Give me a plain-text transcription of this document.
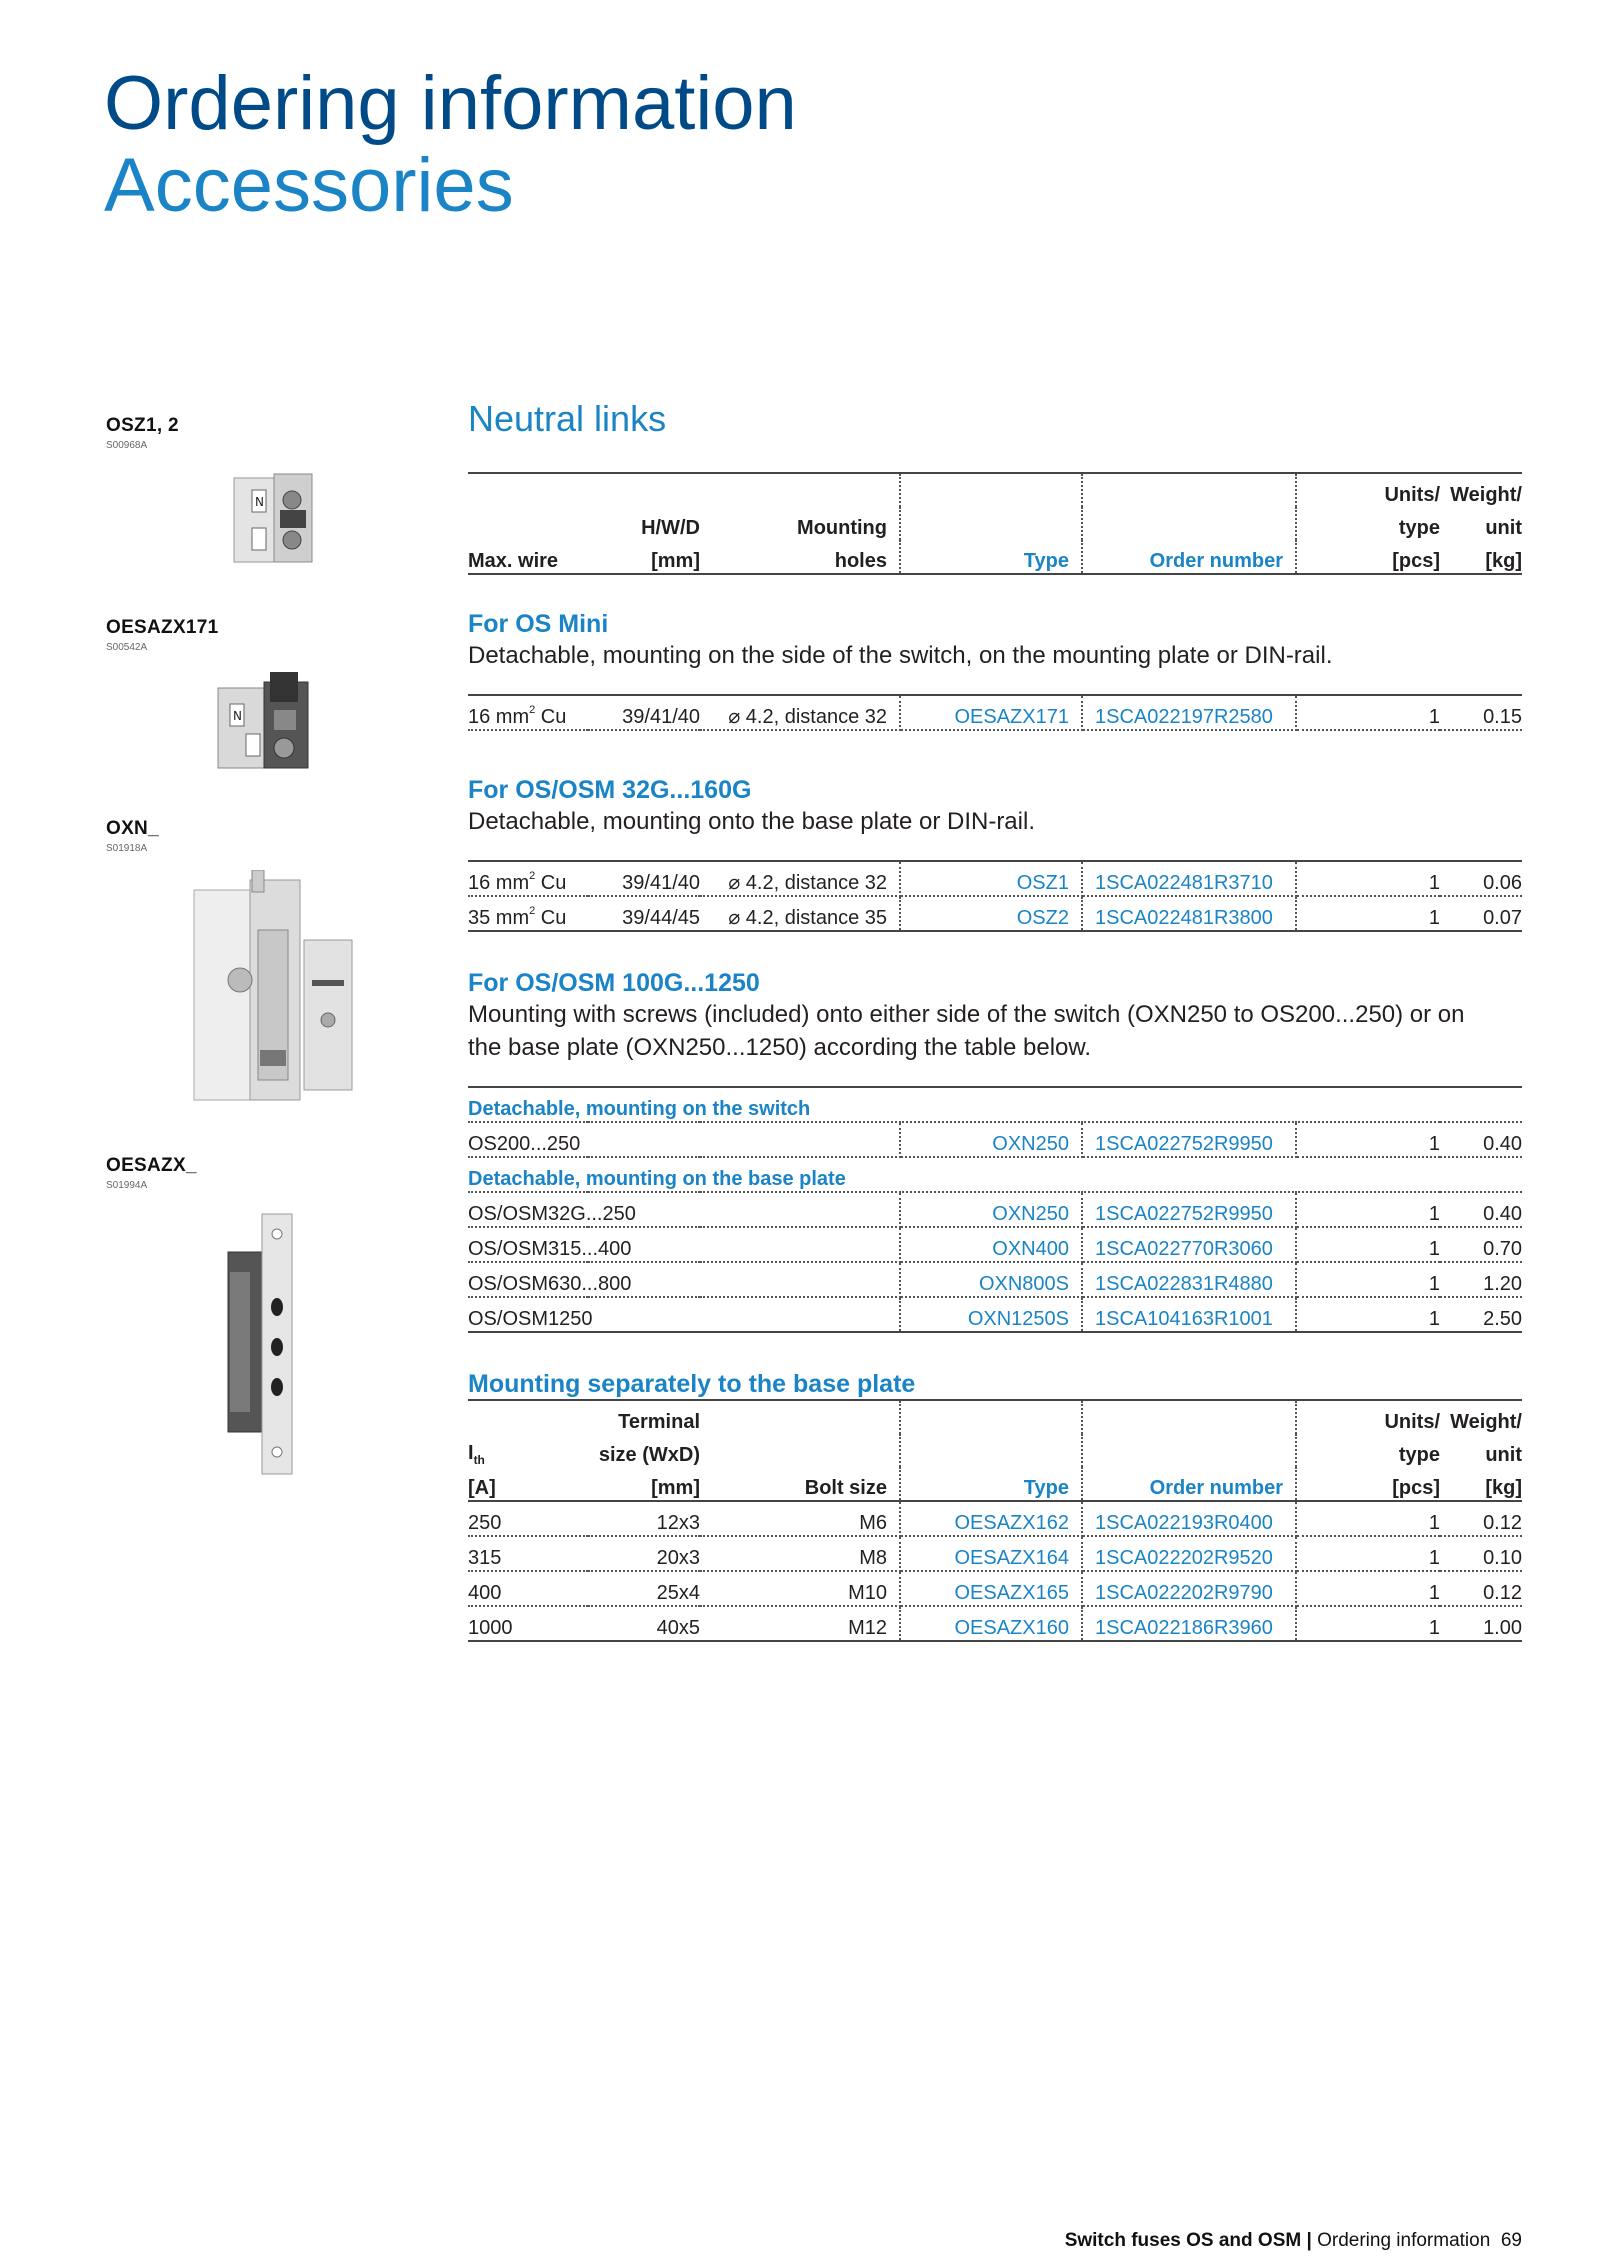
Ordering information
Accessories
OSZ1, 2
S00968A
OESAZX171
S00542A
OXN_
S01918A
OESAZX_
S01994A
N
N
Neutral links
					Units/	Weight/
	H/W/D	Mounting			type	unit
Max. wire	[mm]	holes	Type	Order number	[pcs]	[kg]

For OS Mini

Detachable, mounting on the side of the switch, on the mounting plate or DIN-rail.

16 $mm^2$ Cu	39/41/40	⌀ 4.2, distance 32	OESAZX171	1SCA022197R2580	1	0.15

For OS/OSM 32G...160G

Detachable, mounting onto the base plate or DIN-rail.

16 $mm^2$ Cu	39/41/40	⌀ 4.2, distance 32	OSZ1	1SCA022481R3710	1	0.06
35 $mm^2$ Cu	39/44/45	⌀ 4.2, distance 35	OSZ2	1SCA022481R3800	1	0.07

For OS/OSM 100G...1250

Mounting with screws (included) onto either side of the switch (OXN250 to OS200...250) or on

the base plate (OXN250...1250) according the table below.

Detachable, mounting on the switch				
OS200...250	OXN250	1SCA022752R9950	1	0.40
Detachable, mounting on the base plate				
OS/OSM32G...250	OXN250	1SCA022752R9950	1	0.40
OS/OSM315...400	OXN400	1SCA022770R3060	1	0.70
OS/OSM630...800	OXN800S	1SCA022831R4880	1	1.20
OS/OSM1250	OXN1250S	1SCA104163R1001	1	2.50

Mounting separately to the base plate

	Terminal				Units/	Weight/
$I_{th}$	size (WxD)				type	unit
[A]	[mm]	Bolt size	Type	Order number	[pcs]	[kg]
250	12x3	M6	OESAZX162	1SCA022193R0400	1	0.12
315	20x3	M8	OESAZX164	1SCA022202R9520	1	0.10
400	25x4	M10	OESAZX165	1SCA022202R9790	1	0.12
1000	40x5	M12	OESAZX160	1SCA022186R3960	1	1.00
Switch fuses OS and OSM | Ordering information 69
